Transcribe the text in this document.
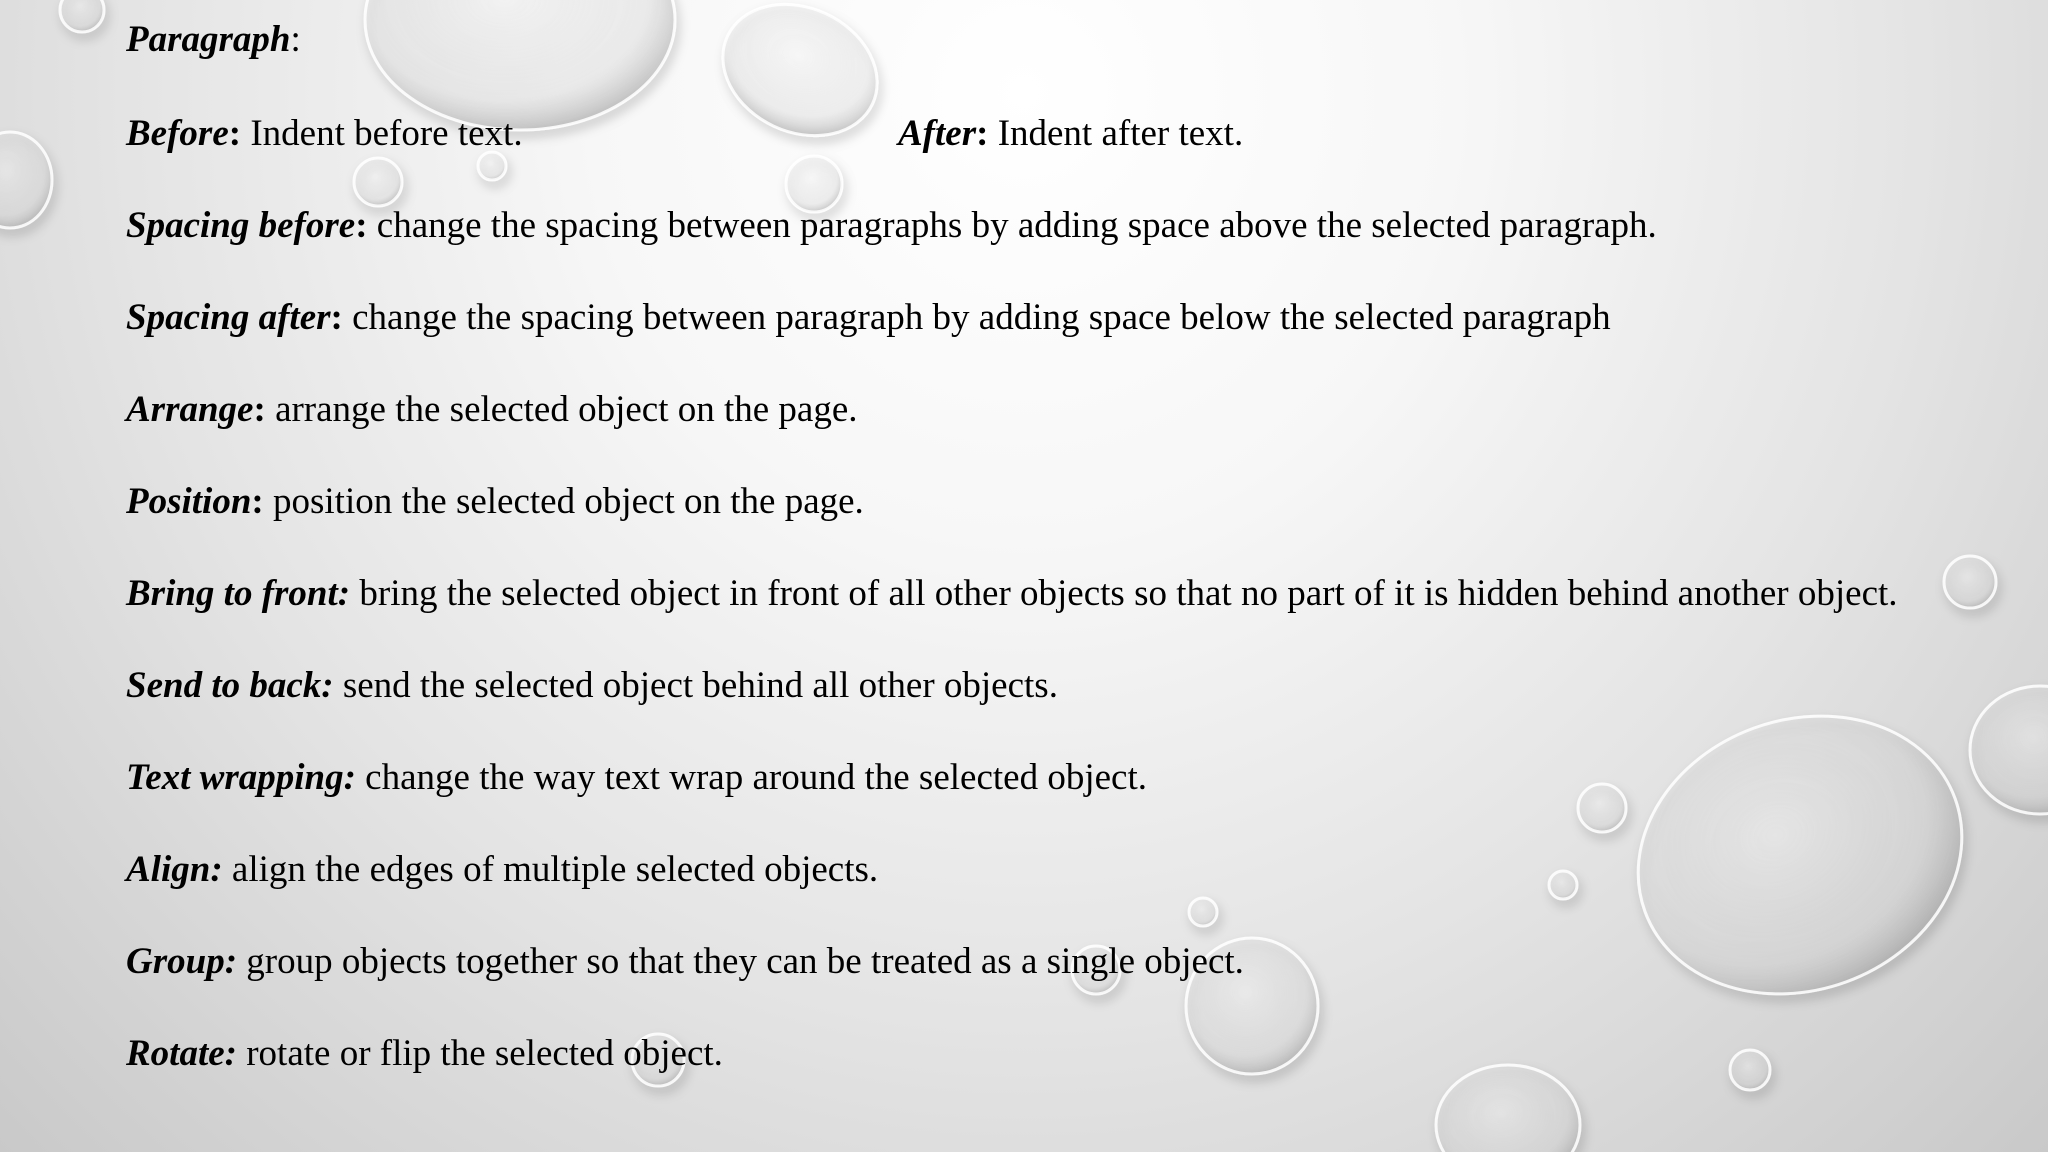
Paragraph:
Before: Indent before text.	After: Indent after text.
Spacing before: change the spacing between paragraphs by adding space above the selected paragraph.
Spacing after: change the spacing between paragraph by adding space below the selected paragraph
Arrange: arrange the selected object on the page.
Position: position the selected object on the page.
Bring to front: bring the selected object in front of all other objects so that no part of it is hidden behind another object.
Send to back: send the selected object behind all other objects.
Text wrapping: change the way text wrap around the selected object.
Align: align the edges of multiple selected objects.
Group: group objects together so that they can be treated as a single object.
Rotate: rotate or flip the selected object.
